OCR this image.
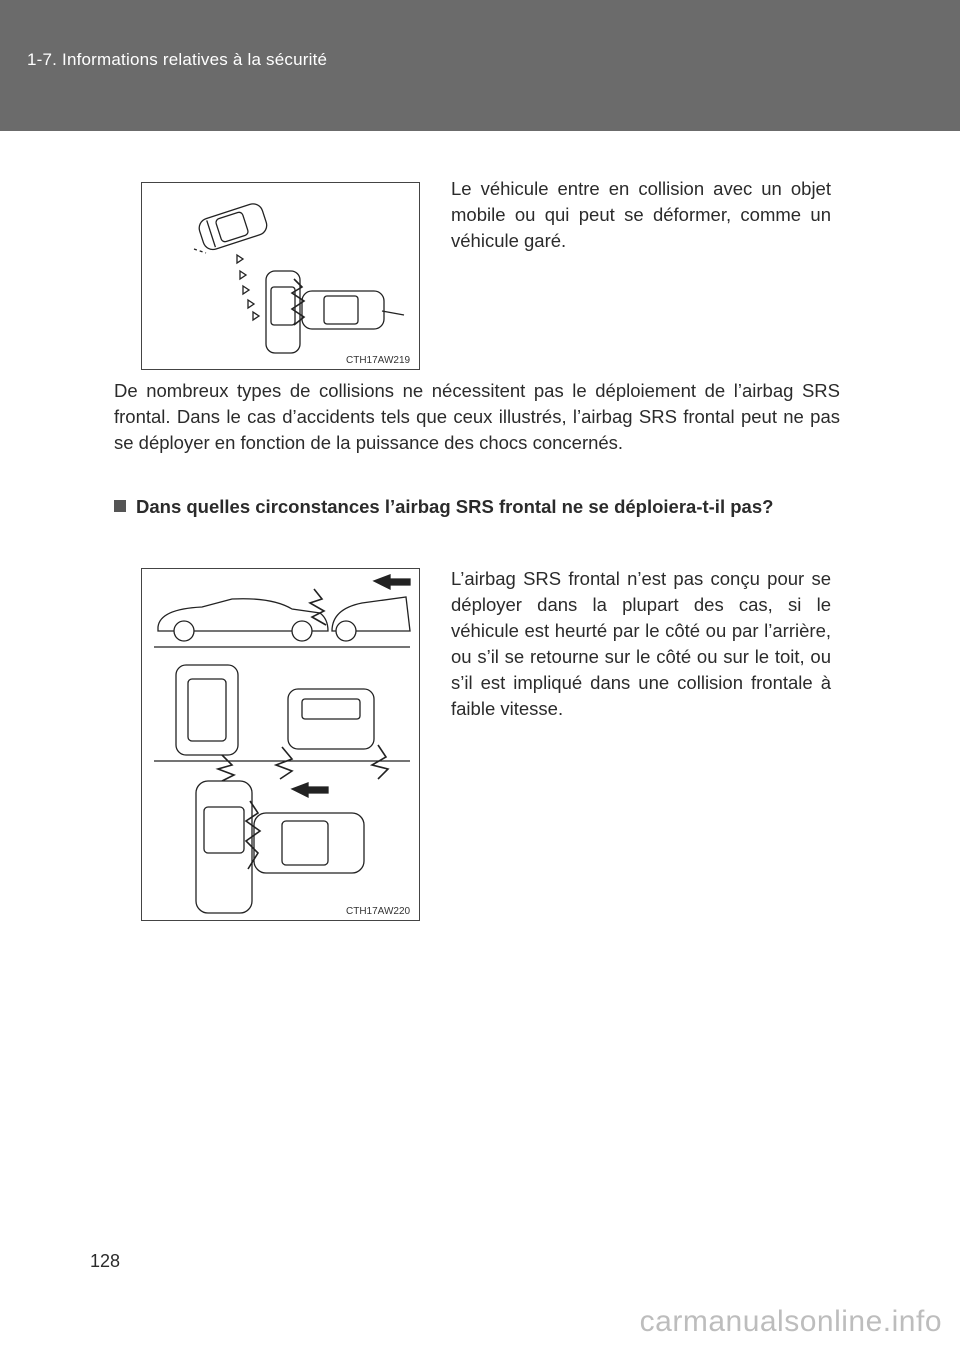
1-7. Informations relatives à la sécurité
CTH17AW219
Le véhicule entre en collision avec un objet mobile ou qui peut se déformer, comme un véhicule garé.
De nombreux types de collisions ne nécessitent pas le déploiement de l’airbag SRS frontal. Dans le cas d’accidents tels que ceux illustrés, l’airbag SRS frontal peut ne pas se déployer en fonction de la puissance des chocs concernés.
Dans quelles circonstances l’airbag SRS frontal ne se déploiera-t-il pas?
CTH17AW220
L’airbag SRS frontal n’est pas conçu pour se déployer dans la plupart des cas, si le véhicule est heurté par le côté ou par l’arrière, ou s’il se retourne sur le côté ou sur le toit, ou s’il est impliqué dans une collision frontale à faible vitesse.
128
carmanualsonline.info
